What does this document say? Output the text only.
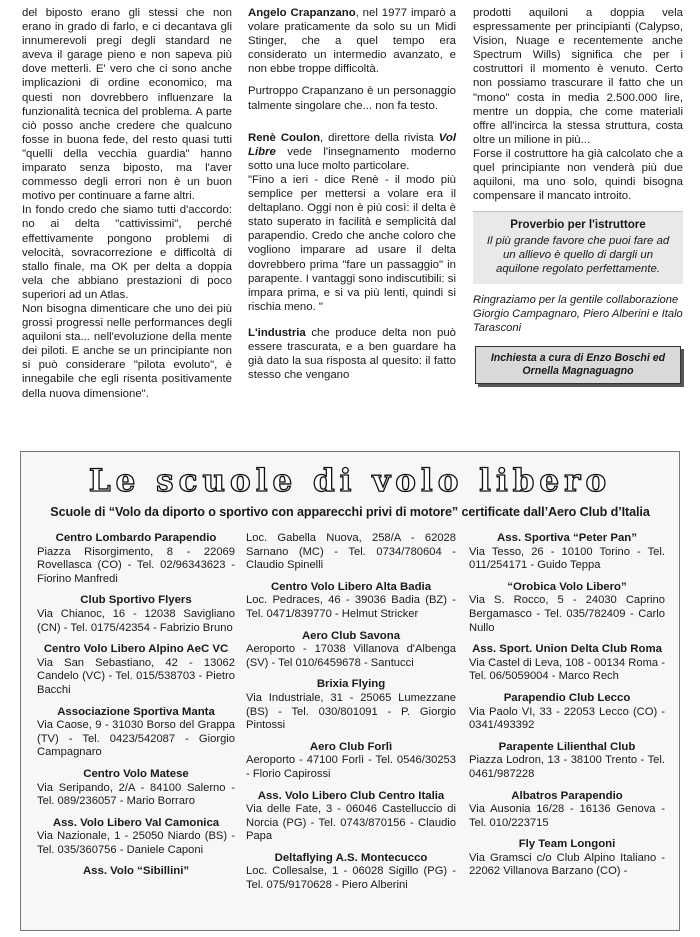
del biposto erano gli stessi che non erano in grado di farlo, e ci decantava gli innumerevoli pregi degli standard ne aveva il garage pieno e non sapeva più dove metterli. E' vero che ci sono anche implicazioni di ordine economico, ma questi non dovrebbero influenzare la funzionalità tecnica del problema. A parte ciò posso anche credere che qualcuno fosse in buona fede, del resto quasi tutti "quelli della vecchia guardia" hanno imparato senza biposto, ma l'aver commesso degli errori non è un buon motivo per continuare a farne altri.

In fondo credo che siamo tutti d'accordo: no ai delta "cattivissimi", perché effettivamente pongono problemi di velocità, sovracorrezione e difficoltà di stallo finale, ma OK per delta a doppia vela che abbiano prestazioni di poco superiori ad un Atlas.

Non bisogna dimenticare che uno dei più grossi progressi nelle performances degli aquiloni sta... nell'evoluzione della mente dei piloti. E anche se un principiante non si può considerare "pilota evoluto", è innegabile che egli risenta positivamente della nuova dimensione".

Angelo Crapanzano, nel 1977 imparò a volare praticamente da solo su un Midi Stinger, che a quel tempo era considerato un intermedio avanzato, e non ebbe troppe difficoltà.

Purtroppo Crapanzano è un personaggio talmente singolare che... non fa testo.

Renè Coulon, direttore della rivista Vol Libre vede l'insegnamento moderno sotto una luce molto particolare.

"Fino a ieri - dice Renè - il modo più semplice per mettersi a volare era il deltaplano. Oggi non è più così: il delta è stato superato in facilità e semplicità dal parapendio. Credo che anche coloro che vogliono imparare ad usare il delta dovrebbero prima "fare un passaggio" in parapente. I vantaggi sono indiscutibili: si impara prima, e si va più lenti, quindi si rischia meno. "

L'industria che produce delta non può essere trascurata, e a ben guardare ha già dato la sua risposta al quesito: il fatto stesso che vengano

prodotti aquiloni a doppia vela espressamente per principianti (Calypso, Vision, Nuage e recentemente anche Spectrum Wills) significa che per i costruttori il momento è venuto. Certo non possiamo trascurare il fatto che un "mono" costa in media 2.500.000 lire, mentre un doppia, che come materiali offre all'incirca la stessa struttura, costa oltre un milione in più...

Forse il costruttore ha già calcolato che a quel principiante non venderà più due aquiloni, ma uno solo, quindi bisogna compensare il mancato introito.

Proverbio per l'istruttore
Il più grande favore che puoi fare ad un allievo è quello di dargli un aquilone regolato perfettamente.
Ringraziamo per la gentile collaborazione Giorgio Campagnaro, Piero Alberini e Italo Tarasconi
Inchiesta a cura di Enzo Boschi ed Ornella Magnaguagno
Le scuole di volo libero
Scuole di “Volo da diporto o sportivo con apparecchi privi di motore” certificate dall’Aero Club d’Italia
Centro Lombardo Parapendio
Piazza Risorgimento, 8 - 22069 Rovellasca (CO) - Tel. 02/96343623 - Fiorino Manfredi
Club Sportivo Flyers
Via Chianoc, 16 - 12038 Savigliano (CN) - Tel. 0175/42354 - Fabrizio Bruno
Centro Volo Libero Alpino AeC VC
Via San Sebastiano, 42 - 13062 Candelo (VC) - Tel. 015/538703 - Pietro Bacchi
Associazione Sportiva Manta
Via Caose, 9 - 31030 Borso del Grappa (TV) - Tel. 0423/542087 - Giorgio Campagnaro
Centro Volo Matese
Via Seripando, 2/A - 84100 Salerno - Tel. 089/236057 - Mario Borraro
Ass. Volo Libero Val Camonica
Via Nazionale, 1 - 25050 Niardo (BS) - Tel. 035/360756 - Daniele Caponi
Ass. Volo “Sibillini”
Loc. Gabella Nuova, 258/A - 62028 Sarnano (MC) - Tel. 0734/780604 - Claudio Spinelli
Centro Volo Libero Alta Badia
Loc. Pedraces, 46 - 39036 Badia (BZ) - Tel. 0471/839770 - Helmut Stricker
Aero Club Savona
Aeroporto - 17038 Villanova d'Albenga (SV) - Tel 010/6459678 - Santucci
Brixia Flying
Via Industriale, 31 - 25065 Lumezzane (BS) - Tel. 030/801091 - P. Giorgio Pintossi
Aero Club Forlì
Aeroporto - 47100 Forlì - Tel. 0546/30253 - Florio Capirossi
Ass. Volo Libero Club Centro Italia
Via delle Fate, 3 - 06046 Castelluccio di Norcia (PG) - Tel. 0743/870156 - Claudio Papa
Deltaflying A.S. Montecucco
Loc. Collesalse, 1 - 06028 Sigillo (PG) - Tel. 075/9170628 - Piero Alberini
Ass. Sportiva “Peter Pan”
Via Tesso, 26 - 10100 Torino - Tel. 011/254171 - Guido Teppa
“Orobica Volo Libero”
Via S. Rocco, 5 - 24030 Caprino Bergamasco - Tel. 035/782409 - Carlo Nullo
Ass. Sport. Union Delta Club Roma
Via Castel di Leva, 108 - 00134 Roma - Tel. 06/5059004 - Marco Rech
Parapendio Club Lecco
Via Paolo VI, 33 - 22053 Lecco (CO) - 0341/493392
Parapente Lilienthal Club
Piazza Lodron, 13 - 38100 Trento - Tel. 0461/987228
Albatros Parapendio
Via Ausonia 16/28 - 16136 Genova - Tel. 010/223715
Fly Team Longoni
Via Gramsci c/o Club Alpino Italiano - 22062 Villanova Barzano (CO) -
